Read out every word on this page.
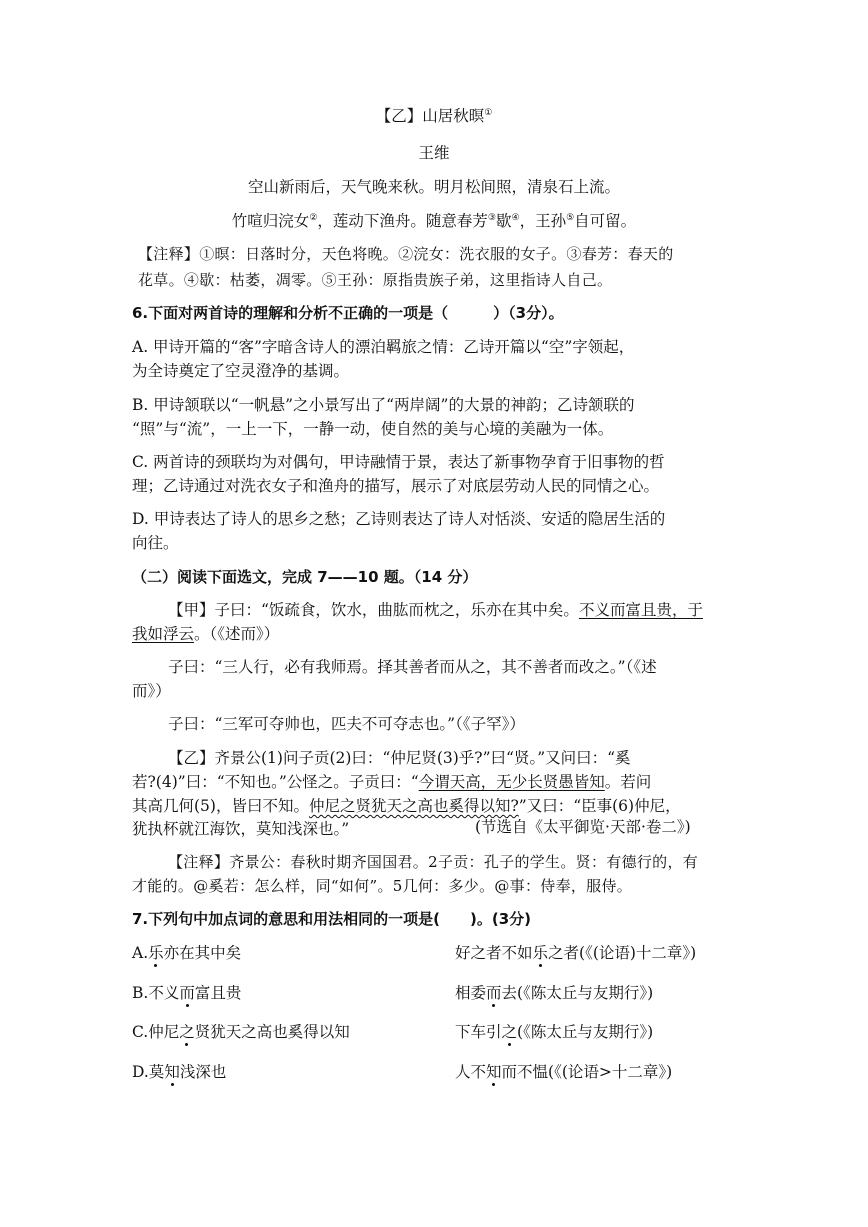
【乙】山居秋暝①
王维
空山新雨后，天气晚来秋。明月松间照，清泉石上流。
竹喧归浣女②，莲动下渔舟。随意春芳③歇④，王孙⑤自可留。
【注释】①暝：日落时分，天色将晚。②浣女：洗衣服的女子。③春芳：春天的
花草。④歇：枯萎，凋零。⑤王孙：原指贵族子弟，这里指诗人自己。
6.下面对两首诗的理解和分析不正确的一项是（　　　）（3分）。
A. 甲诗开篇的“客”字暗含诗人的漂泊羁旅之情：乙诗开篇以“空”字领起，
为全诗奠定了空灵澄净的基调。
B. 甲诗颔联以“一帆悬”之小景写出了“两岸阔”的大景的神韵；乙诗颔联的
“照”与“流”，一上一下，一静一动，使自然的美与心境的美融为一体。
C. 两首诗的颈联均为对偶句，甲诗融情于景，表达了新事物孕育于旧事物的哲
理；乙诗通过对洗衣女子和渔舟的描写，展示了对底层劳动人民的同情之心。
D. 甲诗表达了诗人的思乡之愁；乙诗则表达了诗人对恬淡、安适的隐居生活的
向往。
（二）阅读下面选文，完成 7——10 题。（14 分）
【甲】子曰：“饭疏食，饮水，曲肱而枕之，乐亦在其中矣。不义而富且贵，于
我如浮云。（《述而》）
子曰：“三人行，必有我师焉。择其善者而从之，其不善者而改之。”（《述
而》）
子曰：“三军可夺帅也，匹夫不可夺志也。”（《子罕》）
【乙】齐景公(1)问子贡(2)曰：“仲尼贤(3)乎?”曰“贤。”又问曰：“奚
若?(4)”曰：“不知也。”公怪之。子贡曰：“今谓天高，无少长贤愚皆知。若问
其高几何(5)，皆曰不知。仲尼之贤犹天之高也奚得以知?”又曰：“臣事(6)仲尼，
犹执杯就江海饮，莫知浅深也。”	(节选自《太平御览·天部·卷二》)
【注释】齐景公：春秋时期齐国国君。2子贡：孔子的学生。贤：有德行的，有
才能的。@奚若：怎么样，同“如何”。5几何：多少。@事：侍奉，服侍。
7.下列句中加点词的意思和用法相同的一项是(　　)。(3分)
A.乐亦在其中矣	好之者不如乐之者(《(论语)十二章》)
B.不义而富且贵	相委而去(《陈太丘与友期行》)
C.仲尼之贤犹天之高也奚得以知	下车引之(《陈太丘与友期行》)
D.莫知浅深也	人不知而不愠(《(论语>十二章》)
